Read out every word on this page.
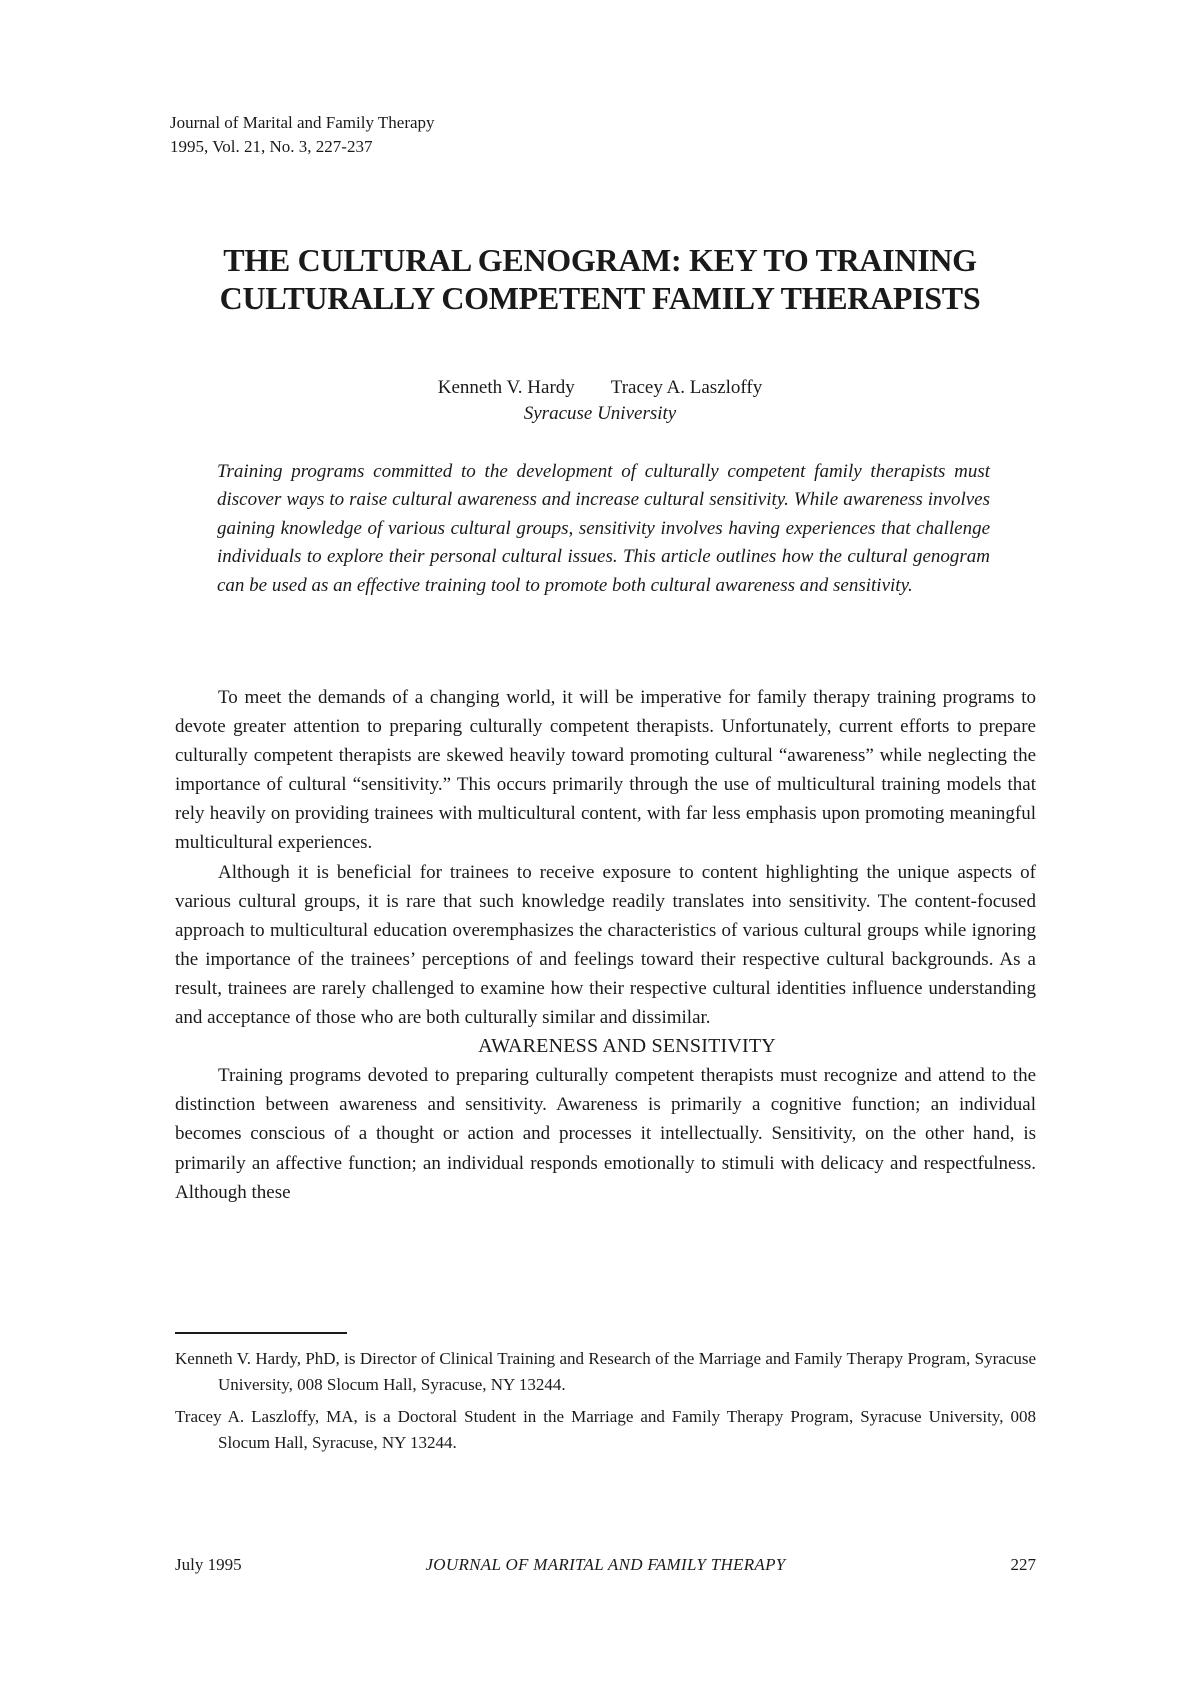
Journal of Marital and Family Therapy
1995, Vol. 21, No. 3, 227-237
THE CULTURAL GENOGRAM: KEY TO TRAINING
CULTURALLY COMPETENT FAMILY THERAPISTS
Kenneth V. Hardy Tracey A. Laszloffy
Syracuse University
Training programs committed to the development of culturally competent family therapists must discover ways to raise cultural awareness and increase cultural sensitivity. While awareness involves gaining knowledge of various cultural groups, sensitivity involves having experiences that challenge individuals to explore their personal cultural issues. This article outlines how the cultural genogram can be used as an effective training tool to promote both cultural awareness and sensitivity.

To meet the demands of a changing world, it will be imperative for family therapy training programs to devote greater attention to preparing culturally competent therapists. Unfortunately, current efforts to prepare culturally competent therapists are skewed heavily toward promoting cultural “awareness” while neglecting the importance of cultural “sensitivity.” This occurs primarily through the use of multicultural training models that rely heavily on providing trainees with multicultural content, with far less emphasis upon promoting meaningful multicultural experiences.

Although it is beneficial for trainees to receive exposure to content highlighting the unique aspects of various cultural groups, it is rare that such knowledge readily translates into sensitivity. The content-focused approach to multicultural education overemphasizes the characteristics of various cultural groups while ignoring the importance of the trainees’ perceptions of and feelings toward their respective cultural backgrounds. As a result, trainees are rarely challenged to examine how their respective cultural identities influence understanding and acceptance of those who are both culturally similar and dissimilar.

AWARENESS AND SENSITIVITY

Training programs devoted to preparing culturally competent therapists must recognize and attend to the distinction between awareness and sensitivity. Awareness is primarily a cognitive function; an individual becomes conscious of a thought or action and processes it intellectually. Sensitivity, on the other hand, is primarily an affective function; an individual responds emotionally to stimuli with delicacy and respectfulness. Although these

Kenneth V. Hardy, PhD, is Director of Clinical Training and Research of the Marriage and Family Therapy Program, Syracuse University, 008 Slocum Hall, Syracuse, NY 13244.

Tracey A. Laszloffy, MA, is a Doctoral Student in the Marriage and Family Therapy Program, Syracuse University, 008 Slocum Hall, Syracuse, NY 13244.

July 1995	JOURNAL OF MARITAL AND FAMILY THERAPY	227
